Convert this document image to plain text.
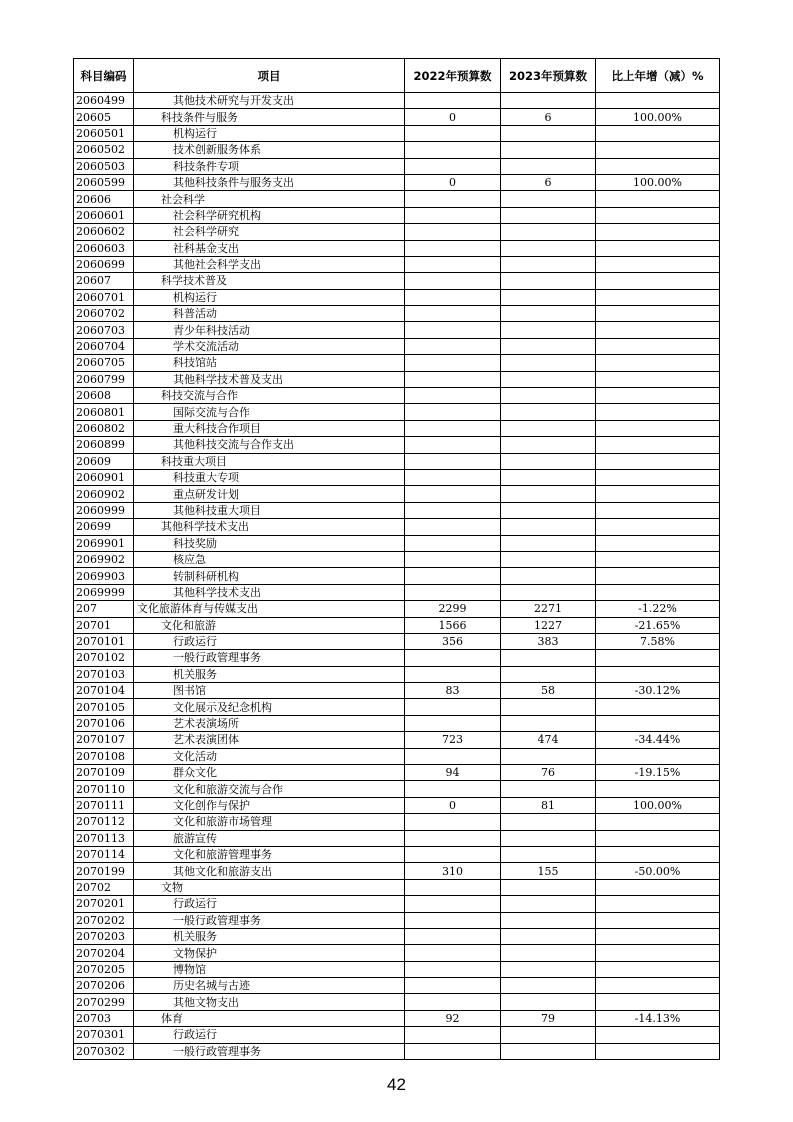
科目编码	项目	2022年预算数	2023年预算数	比上年增（减）%
2060499	其他技术研究与开发支出			
20605	科技条件与服务	0	6	100.00%
2060501	机构运行			
2060502	技术创新服务体系			
2060503	科技条件专项			
2060599	其他科技条件与服务支出	0	6	100.00%
20606	社会科学			
2060601	社会科学研究机构			
2060602	社会科学研究			
2060603	社科基金支出			
2060699	其他社会科学支出			
20607	科学技术普及			
2060701	机构运行			
2060702	科普活动			
2060703	青少年科技活动			
2060704	学术交流活动			
2060705	科技馆站			
2060799	其他科学技术普及支出			
20608	科技交流与合作			
2060801	国际交流与合作			
2060802	重大科技合作项目			
2060899	其他科技交流与合作支出			
20609	科技重大项目			
2060901	科技重大专项			
2060902	重点研发计划			
2060999	其他科技重大项目			
20699	其他科学技术支出			
2069901	科技奖励			
2069902	核应急			
2069903	转制科研机构			
2069999	其他科学技术支出			
207	文化旅游体育与传媒支出	2299	2271	-1.22%
20701	文化和旅游	1566	1227	-21.65%
2070101	行政运行	356	383	7.58%
2070102	一般行政管理事务			
2070103	机关服务			
2070104	图书馆	83	58	-30.12%
2070105	文化展示及纪念机构			
2070106	艺术表演场所			
2070107	艺术表演团体	723	474	-34.44%
2070108	文化活动			
2070109	群众文化	94	76	-19.15%
2070110	文化和旅游交流与合作			
2070111	文化创作与保护	0	81	100.00%
2070112	文化和旅游市场管理			
2070113	旅游宣传			
2070114	文化和旅游管理事务			
2070199	其他文化和旅游支出	310	155	-50.00%
20702	文物			
2070201	行政运行			
2070202	一般行政管理事务			
2070203	机关服务			
2070204	文物保护			
2070205	博物馆			
2070206	历史名城与古迹			
2070299	其他文物支出			
20703	体育	92	79	-14.13%
2070301	行政运行			
2070302	一般行政管理事务			
42
